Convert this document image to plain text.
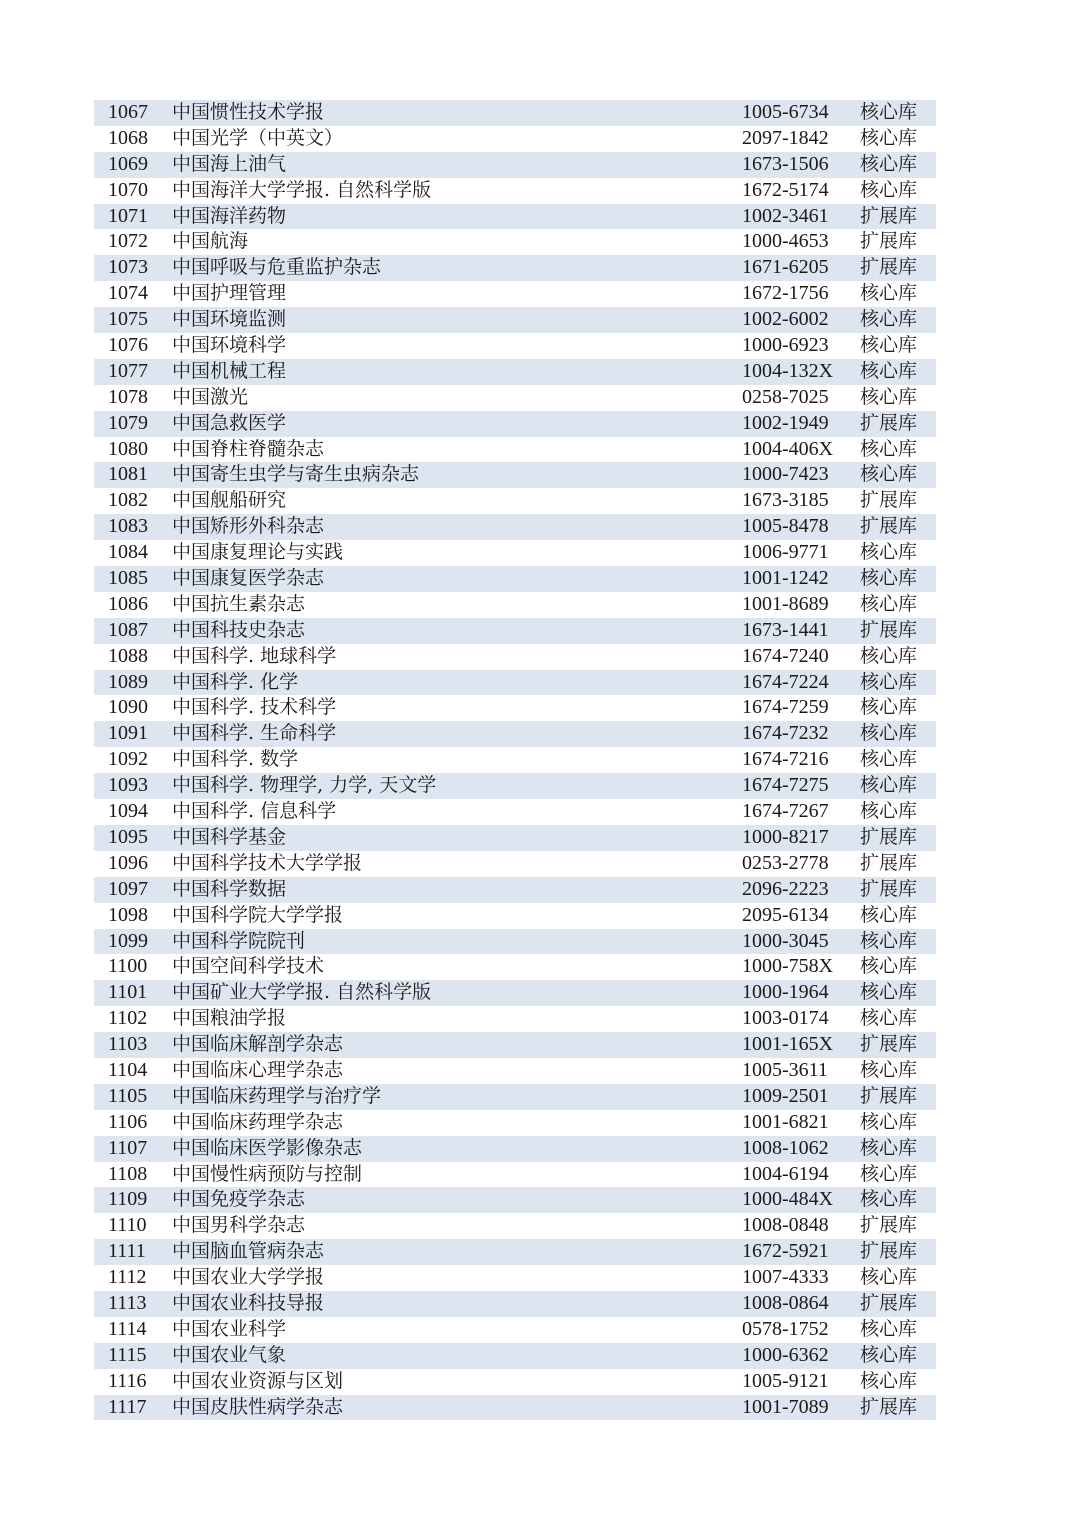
1067 中国惯性技术学报	1005-6734 核心库
1068 中国光学（中英文）	2097-1842 核心库
1069 中国海上油气	1673-1506 核心库
1070 中国海洋大学学报. 自然科学版	1672-5174 核心库
1071 中国海洋药物	1002-3461 扩展库
1072 中国航海	1000-4653 扩展库
1073 中国呼吸与危重监护杂志	1671-6205 扩展库
1074 中国护理管理	1672-1756 核心库
1075 中国环境监测	1002-6002 核心库
1076 中国环境科学	1000-6923 核心库
1077 中国机械工程	1004-132X 核心库
1078 中国激光	0258-7025 核心库
1079 中国急救医学	1002-1949 扩展库
1080 中国脊柱脊髓杂志	1004-406X 核心库
1081 中国寄生虫学与寄生虫病杂志	1000-7423 核心库
1082 中国舰船研究	1673-3185 扩展库
1083 中国矫形外科杂志	1005-8478 扩展库
1084 中国康复理论与实践	1006-9771 核心库
1085 中国康复医学杂志	1001-1242 核心库
1086 中国抗生素杂志	1001-8689 核心库
1087 中国科技史杂志	1673-1441 扩展库
1088 中国科学. 地球科学	1674-7240 核心库
1089 中国科学. 化学	1674-7224 核心库
1090 中国科学. 技术科学	1674-7259 核心库
1091 中国科学. 生命科学	1674-7232 核心库
1092 中国科学. 数学	1674-7216 核心库
1093 中国科学. 物理学, 力学, 天文学	1674-7275 核心库
1094 中国科学. 信息科学	1674-7267 核心库
1095 中国科学基金	1000-8217 扩展库
1096 中国科学技术大学学报	0253-2778 扩展库
1097 中国科学数据	2096-2223 扩展库
1098 中国科学院大学学报	2095-6134 核心库
1099 中国科学院院刊	1000-3045 核心库
1100 中国空间科学技术	1000-758X 核心库
1101 中国矿业大学学报. 自然科学版	1000-1964 核心库
1102 中国粮油学报	1003-0174 核心库
1103 中国临床解剖学杂志	1001-165X 扩展库
1104 中国临床心理学杂志	1005-3611 核心库
1105 中国临床药理学与治疗学	1009-2501 扩展库
1106 中国临床药理学杂志	1001-6821 核心库
1107 中国临床医学影像杂志	1008-1062 核心库
1108 中国慢性病预防与控制	1004-6194 核心库
1109 中国免疫学杂志	1000-484X 核心库
1110 中国男科学杂志	1008-0848 扩展库
1111 中国脑血管病杂志	1672-5921 扩展库
1112 中国农业大学学报	1007-4333 核心库
1113 中国农业科技导报	1008-0864 扩展库
1114 中国农业科学	0578-1752 核心库
1115 中国农业气象	1000-6362 核心库
1116 中国农业资源与区划	1005-9121 核心库
1117 中国皮肤性病学杂志	1001-7089 扩展库
